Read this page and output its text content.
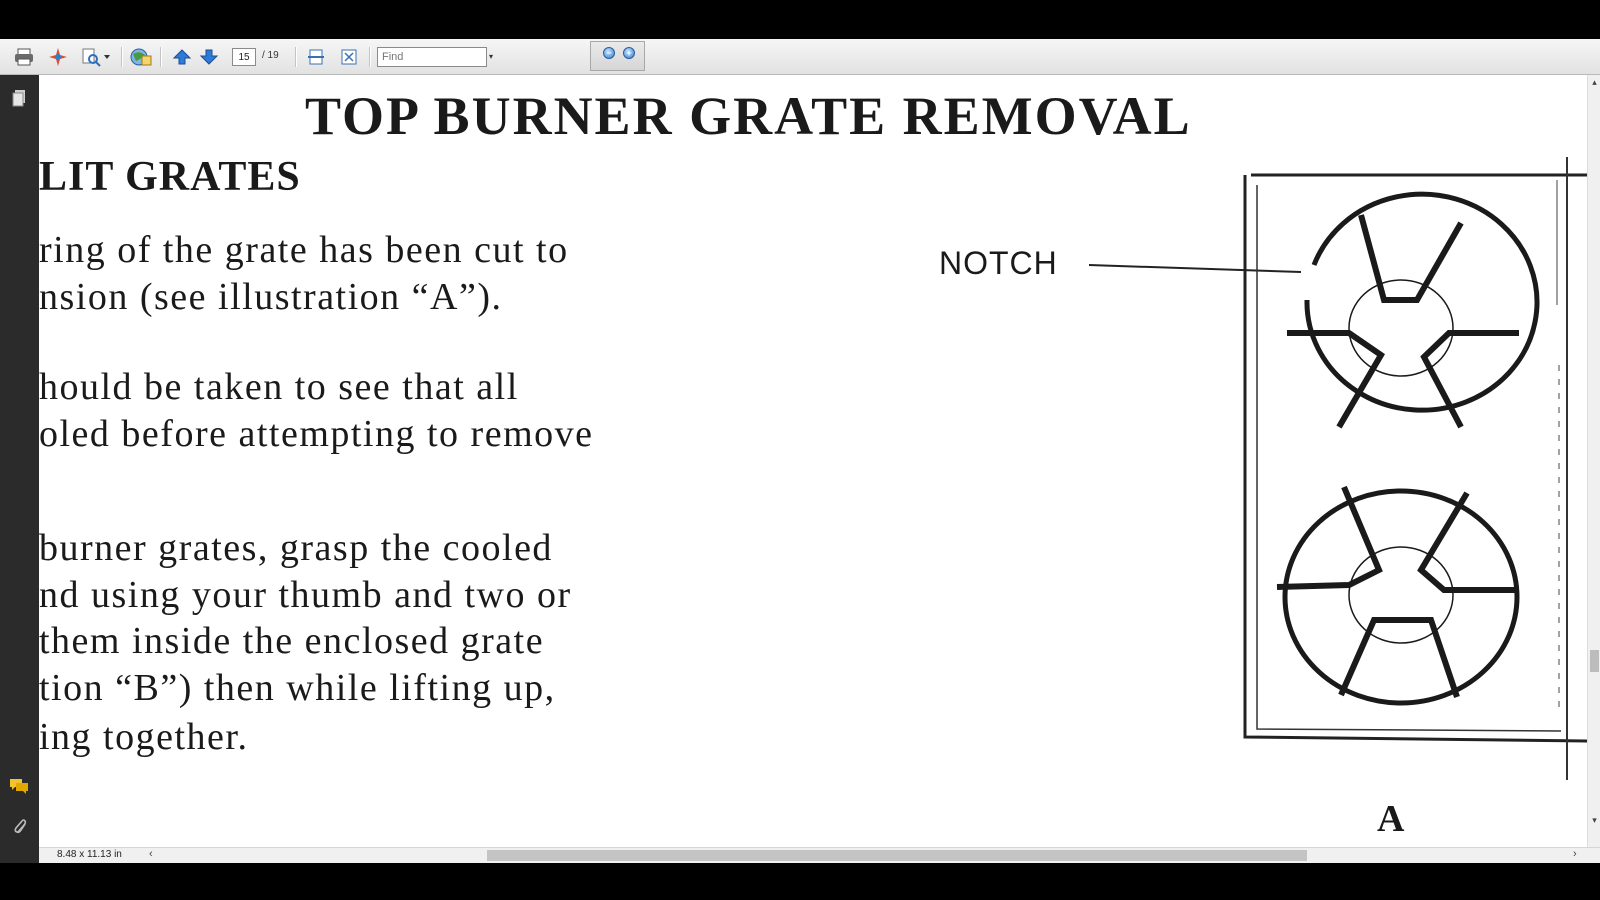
15	/ 19
Find	▾	−	+
TOP BURNER GRATE REMOVAL
LIT GRATES
ring of the grate has been cut to
nsion (see illustration “A”).
hould be taken to see that all
oled before attempting to remove
burner grates, grasp the cooled
nd using your thumb and two or
them inside the enclosed grate
tion “B”) then while lifting up,
ing together.
NOTCH
A
▴
▾
8.48 x 11.13 in ‹	›
